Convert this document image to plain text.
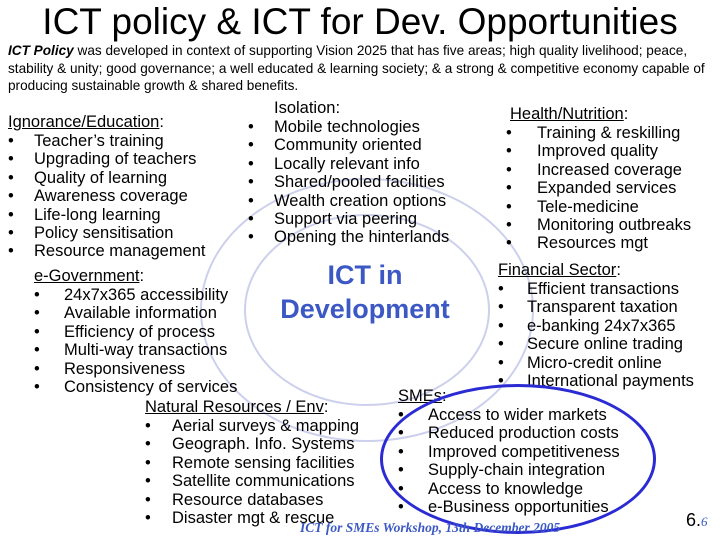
ICT policy & ICT for Dev. Opportunities
ICT Policy was developed in context of supporting Vision 2025 that has five areas; high quality livelihood; peace, stability & unity; good governance; a well educated & learning society; & a strong & competitive economy capable of producing sustainable growth & shared benefits.
ICT in Development
Ignorance/Education:
• Teacher’s training
• Upgrading of teachers
• Quality of learning
• Awareness coverage
• Life-long learning
• Policy sensitisation
• Resource management
Isolation:
• Mobile technologies
• Community oriented
• Locally relevant info
• Shared/pooled facilities
• Wealth creation options
• Support via peering
• Opening the hinterlands
Health/Nutrition:
• Training & reskilling
• Improved quality
• Increased coverage
• Expanded services
• Tele-medicine
• Monitoring outbreaks
• Resources mgt
e-Government:
• 24x7x365 accessibility
• Available information
• Efficiency of process
• Multi-way transactions
• Responsiveness
• Consistency of services
Financial Sector:
• Efficient transactions
• Transparent taxation
• e-banking 24x7x365
• Secure online trading
• Micro-credit online
• International payments
Natural Resources / Env:
• Aerial surveys & mapping
• Geograph. Info. Systems
• Remote sensing facilities
• Satellite communications
• Resource databases
• Disaster mgt & rescue
SMEs:
• Access to wider markets
• Reduced production costs
• Improved competitiveness
• Supply-chain integration
• Access to knowledge
• e-Business opportunities
ICT for SMEs Workshop, 13th December 2005	6.6
